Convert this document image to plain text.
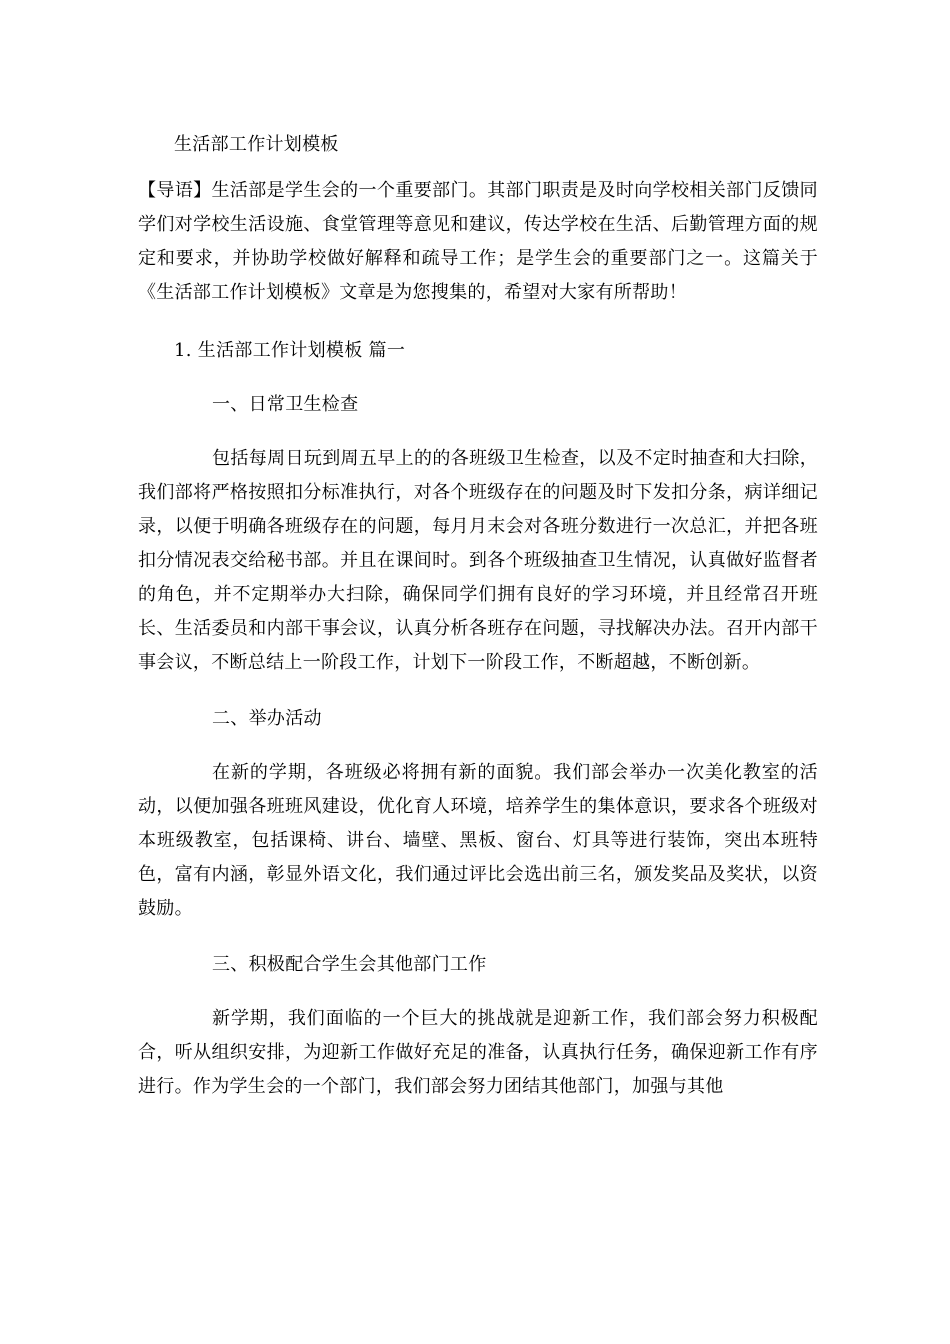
生活部工作计划模板

【导语】生活部是学生会的一个重要部门。其部门职责是及时向学校相关部门反馈同学们对学校生活设施、食堂管理等意见和建议，传达学校在生活、后勤管理方面的规定和要求，并协助学校做好解释和疏导工作；是学生会的重要部门之一。这篇关于《生活部工作计划模板》文章是为您搜集的，希望对大家有所帮助！

1. 生活部工作计划模板 篇一

一、日常卫生检查

包括每周日玩到周五早上的的各班级卫生检查，以及不定时抽查和大扫除，我们部将严格按照扣分标准执行，对各个班级存在的问题及时下发扣分条，病详细记录，以便于明确各班级存在的问题，每月月末会对各班分数进行一次总汇，并把各班扣分情况表交给秘书部。并且在课间时。到各个班级抽查卫生情况，认真做好监督者的角色，并不定期举办大扫除，确保同学们拥有良好的学习环境，并且经常召开班长、生活委员和内部干事会议，认真分析各班存在问题，寻找解决办法。召开内部干事会议，不断总结上一阶段工作，计划下一阶段工作，不断超越，不断创新。

二、举办活动

在新的学期，各班级必将拥有新的面貌。我们部会举办一次美化教室的活动，以便加强各班班风建设，优化育人环境，培养学生的集体意识，要求各个班级对本班级教室，包括课椅、讲台、墙壁、黑板、窗台、灯具等进行装饰，突出本班特色，富有内涵，彰显外语文化，我们通过评比会选出前三名，颁发奖品及奖状，以资鼓励。

三、积极配合学生会其他部门工作

新学期，我们面临的一个巨大的挑战就是迎新工作，我们部会努力积极配合，听从组织安排，为迎新工作做好充足的准备，认真执行任务，确保迎新工作有序进行。作为学生会的一个部门，我们部会努力团结其他部门，加强与其他
